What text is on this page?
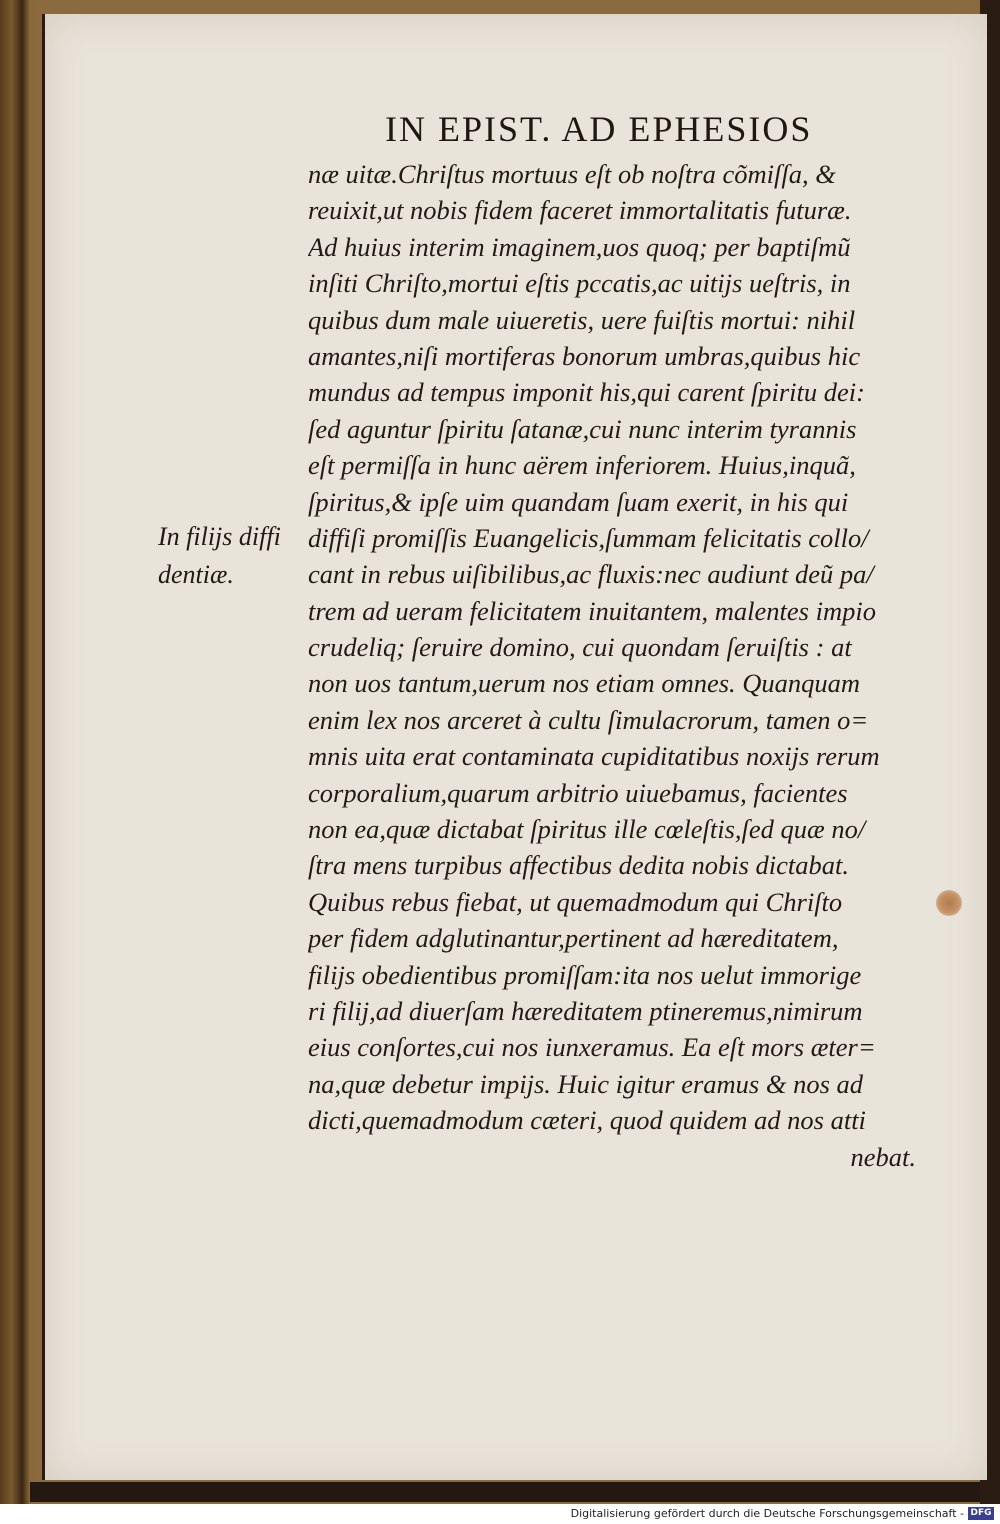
IN EPIST. AD EPHESIOS
In filijs diffi
dentiæ.
næ uitæ.Chriſtus mortuus eſt ob noſtra cõmiſſa, &
reuixit,ut nobis fidem faceret immortalitatis futuræ.
Ad huius interim imaginem,uos quoq; per baptiſmũ
inſiti Chriſto,mortui eſtis pccatis,ac uitijs ueſtris, in
quibus dum male uiueretis, uere fuiſtis mortui: nihil
amantes,niſi mortiferas bonorum umbras,quibus hic
mundus ad tempus imponit his,qui carent ſpiritu dei:
ſed aguntur ſpiritu ſatanæ,cui nunc interim tyrannis
eſt permiſſa in hunc aërem inferiorem. Huius,inquã,
ſpiritus,& ipſe uim quandam ſuam exerit, in his qui
diffiſi promiſſis Euangelicis,ſummam felicitatis collo/
cant in rebus uiſibilibus,ac fluxis:nec audiunt deũ pa/
trem ad ueram felicitatem inuitantem, malentes impio
crudeliq; ſeruire domino, cui quondam ſeruiſtis : at
non uos tantum,uerum nos etiam omnes. Quanquam
enim lex nos arceret à cultu ſimulacrorum, tamen o=
mnis uita erat contaminata cupiditatibus noxijs rerum
corporalium,quarum arbitrio uiuebamus, facientes
non ea,quæ dictabat ſpiritus ille cœleſtis,ſed quæ no/
ſtra mens turpibus affectibus dedita nobis dictabat.
Quibus rebus fiebat, ut quemadmodum qui Chriſto
per fidem adglutinantur,pertinent ad hæreditatem,
filijs obedientibus promiſſam:ita nos uelut immorige
ri filij,ad diuerſam hæreditatem ptineremus,nimirum
eius conſortes,cui nos iunxeramus. Ea eſt mors æter=
na,quæ debetur impijs. Huic igitur eramus & nos ad
dicti,quemadmodum cæteri, quod quidem ad nos atti
nebat.
Digitalisierung gefördert durch die Deutsche Forschungsgemeinschaft - DFG
